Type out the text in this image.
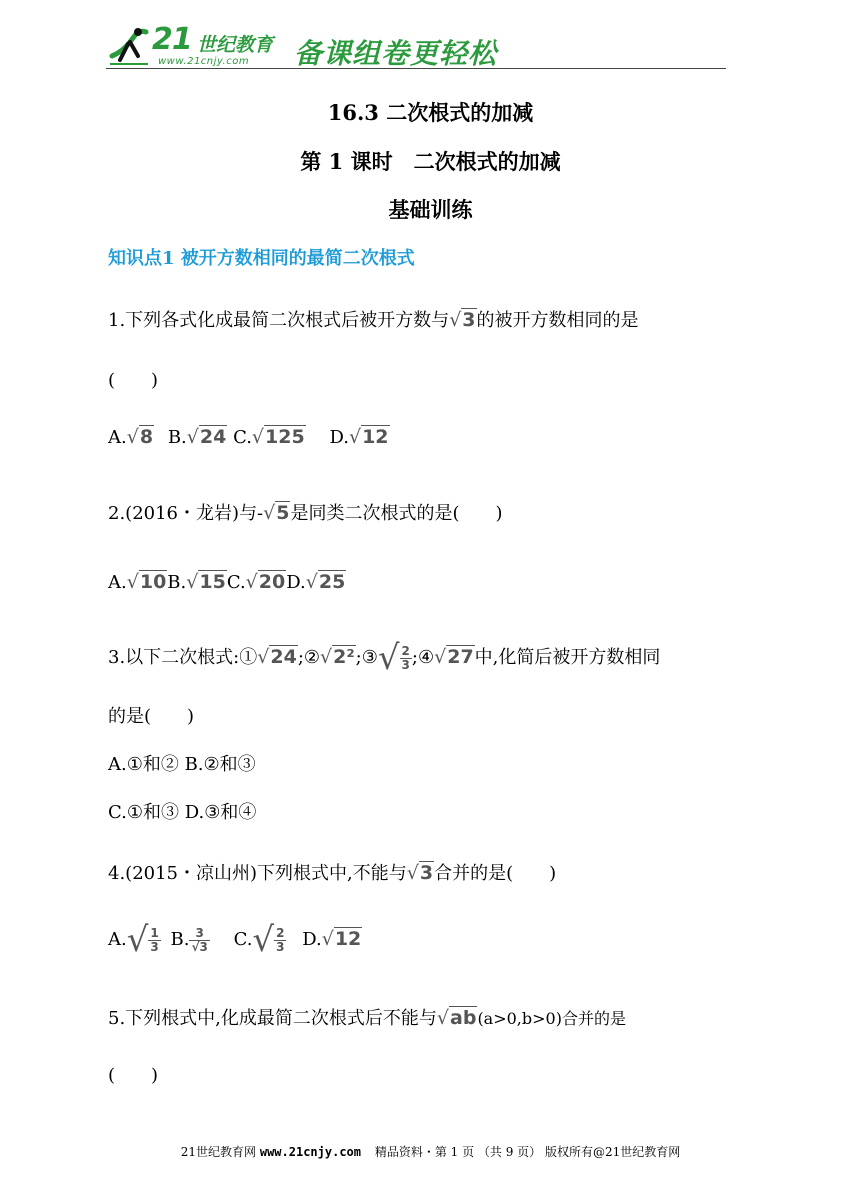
21 世纪教育
www.21cnjy.com 备课组卷更轻松
16.3 二次根式的加减
第 1 课时　二次根式的加减
基础训练
知识点1 被开方数相同的最简二次根式
1.下列各式化成最简二次根式后被开方数与√3的被开方数相同的是
(　　)
A.√8 B.√24 C.√125 D.√12
2.(2016・龙岩)与-√5是同类二次根式的是(　　)
A.√10B.√15C.√20D.√25
3.以下二次根式:①√24;②√2²;③√ $\frac{2}{3}$ ;④√27中,化简后被开方数相同
的是(　　)
A.①和② B.②和③
C.①和③ D.③和④
4.(2015・凉山州)下列根式中,不能与√3合并的是(　　)
$A.√ \frac{1}{3} B$. $\frac{3}{√3} C.√ \frac{2}{3} D.√12$
5.下列根式中,化成最简二次根式后不能与√ab(a>0,b>0)合并的是
(　　)
21世纪教育网 www.21cnjy.com 精品资料・第 1 页 （共 9 页） 版权所有@21世纪教育网
